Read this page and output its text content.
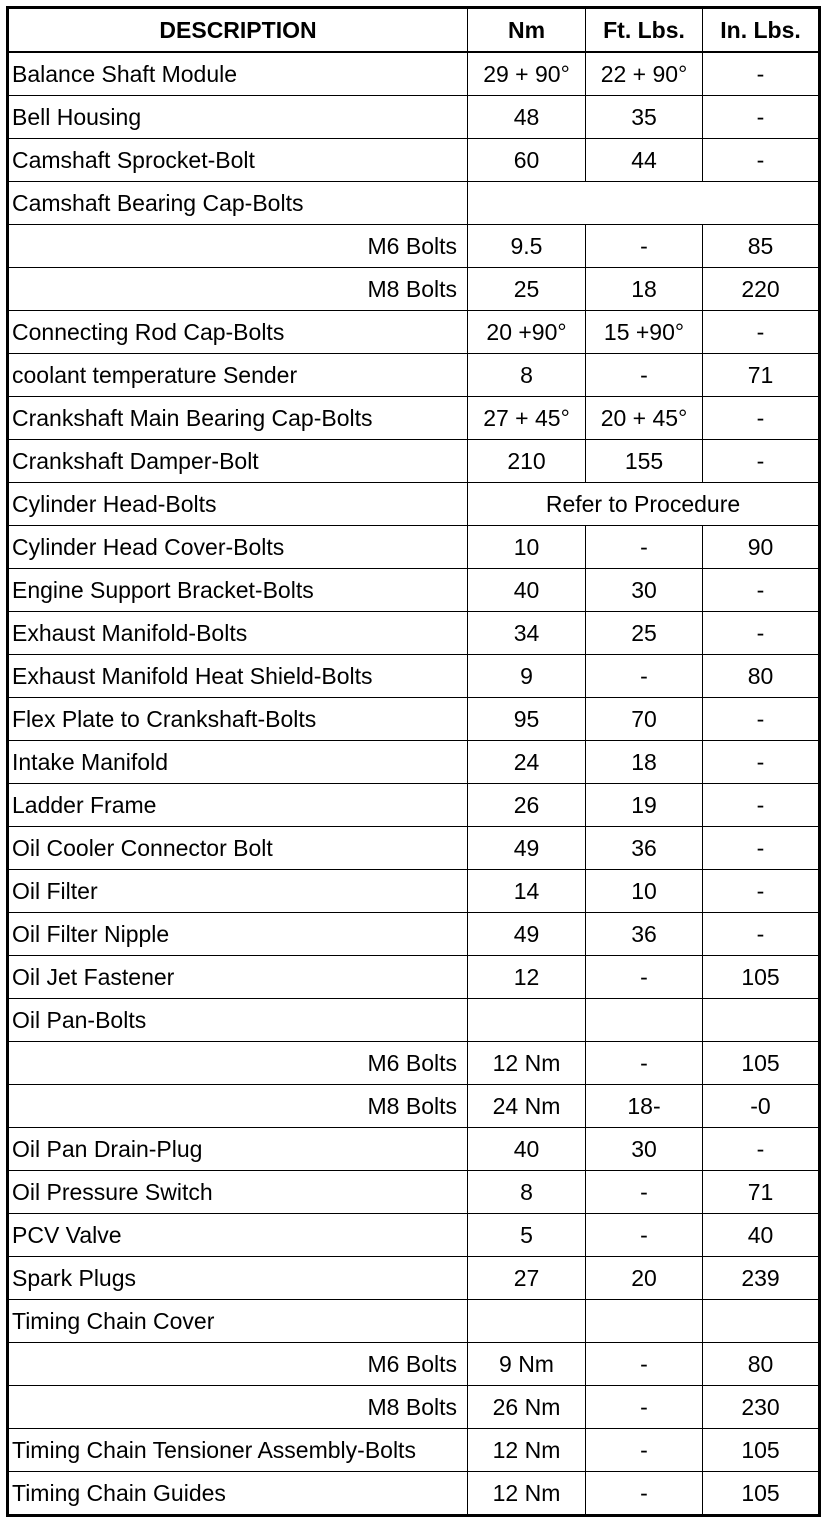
DESCRIPTION	Nm	Ft. Lbs.	In. Lbs.
Balance Shaft Module	29 + 90°	22 + 90°	-
Bell Housing	48	35	-
Camshaft Sprocket-Bolt	60	44	-
Camshaft Bearing Cap-Bolts			
M6 Bolts	9.5	-	85
M8 Bolts	25	18	220
Connecting Rod Cap-Bolts	20 +90°	15 +90°	-
coolant temperature Sender	8	-	71
Crankshaft Main Bearing Cap-Bolts	27 + 45°	20 + 45°	-
Crankshaft Damper-Bolt	210	155	-
Cylinder Head-Bolts	Refer to Procedure		
Cylinder Head Cover-Bolts	10	-	90
Engine Support Bracket-Bolts	40	30	-
Exhaust Manifold-Bolts	34	25	-
Exhaust Manifold Heat Shield-Bolts	9	-	80
Flex Plate to Crankshaft-Bolts	95	70	-
Intake Manifold	24	18	-
Ladder Frame	26	19	-
Oil Cooler Connector Bolt	49	36	-
Oil Filter	14	10	-
Oil Filter Nipple	49	36	-
Oil Jet Fastener	12	-	105
Oil Pan-Bolts			
M6 Bolts	12 Nm	-	105
M8 Bolts	24 Nm	18-	-0
Oil Pan Drain-Plug	40	30	-
Oil Pressure Switch	8	-	71
PCV Valve	5	-	40
Spark Plugs	27	20	239
Timing Chain Cover			
M6 Bolts	9 Nm	-	80
M8 Bolts	26 Nm	-	230
Timing Chain Tensioner Assembly-Bolts	12 Nm	-	105
Timing Chain Guides	12 Nm	-	105
